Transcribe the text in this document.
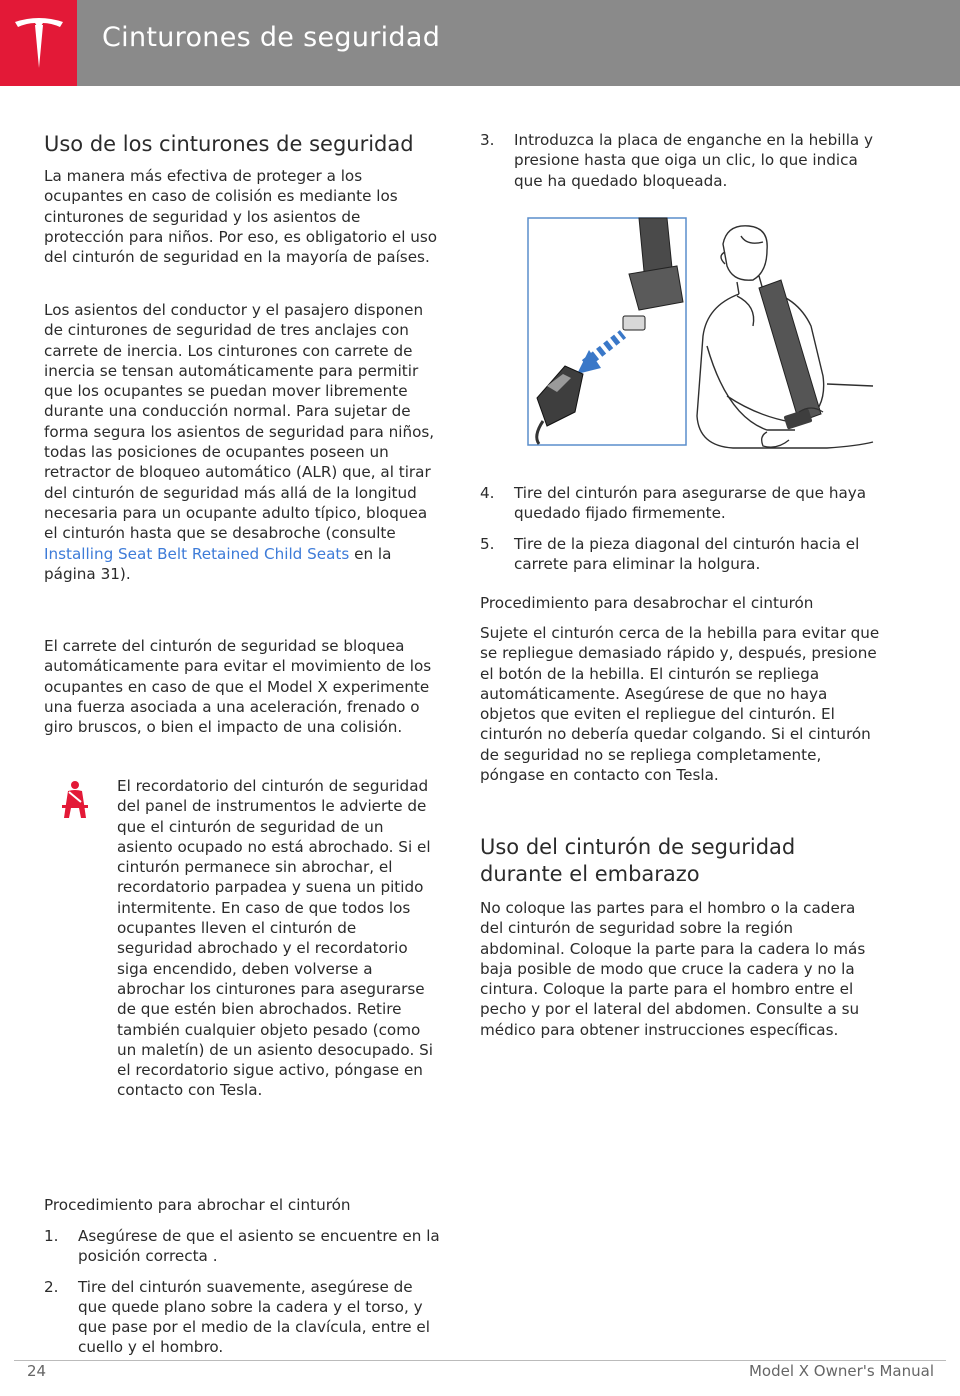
Cinturones de seguridad
Uso de los cinturones de seguridad

La manera más efectiva de proteger a los ocupantes en caso de colisión es mediante los cinturones de seguridad y los asientos de protección para niños. Por eso, es obligatorio el uso del cinturón de seguridad en la mayoría de países.

Los asientos del conductor y el pasajero disponen de cinturones de seguridad de tres anclajes con carrete de inercia. Los cinturones con carrete de inercia se tensan automáticamente para permitir que los ocupantes se puedan mover libremente durante una conducción normal. Para sujetar de forma segura los asientos de seguridad para niños, todas las posiciones de ocupantes poseen un retractor de bloqueo automático (ALR) que, al tirar del cinturón de seguridad más allá de la longitud necesaria para un ocupante adulto típico, bloquea el cinturón hasta que se desabroche (consulte Installing Seat Belt Retained Child Seats en la página 31).

El carrete del cinturón de seguridad se bloquea automáticamente para evitar el movimiento de los ocupantes en caso de que el Model X experimente una fuerza asociada a una aceleración, frenado o giro bruscos, o bien el impacto de una colisión.

Procedimiento para abrochar el cinturón

1. Asegúrese de que el asiento se encuentre en la posición correcta .
2. Tire del cinturón suavemente, asegúrese de que quede plano sobre la cadera y el torso, y que pase por el medio de la clavícula, entre el cuello y el hombro.

El recordatorio del cinturón de seguridad del panel de instrumentos le advierte de que el cinturón de seguridad de un asiento ocupado no está abrochado. Si el cinturón permanece sin abrochar, el recordatorio parpadea y suena un pitido intermitente. En caso de que todos los ocupantes lleven el cinturón de seguridad abrochado y el recordatorio siga encendido, deben volverse a abrochar los cinturones para asegurarse de que estén bien abrochados. Retire también cualquier objeto pesado (como un maletín) de un asiento desocupado. Si el recordatorio sigue activo, póngase en contacto con Tesla.

3. Introduzca la placa de enganche en la hebilla y presione hasta que oiga un clic, lo que indica que ha quedado bloqueada.
4. Tire del cinturón para asegurarse de que haya quedado fijado firmemente.
5. Tire de la pieza diagonal del cinturón hacia el carrete para eliminar la holgura.

Procedimiento para desabrochar el cinturón

Sujete el cinturón cerca de la hebilla para evitar que se repliegue demasiado rápido y, después, presione el botón de la hebilla. El cinturón se repliega automáticamente. Asegúrese de que no haya objetos que eviten el repliegue del cinturón. El cinturón no debería quedar colgando. Si el cinturón de seguridad no se repliega completamente, póngase en contacto con Tesla.

Uso del cinturón de seguridad durante el embarazo

No coloque las partes para el hombro o la cadera del cinturón de seguridad sobre la región abdominal. Coloque la parte para la cadera lo más baja posible de modo que cruce la cadera y no la cintura. Coloque la parte para el hombro entre el pecho y por el lateral del abdomen. Consulte a su médico para obtener instrucciones específicas.

24	Model X Owner's Manual
